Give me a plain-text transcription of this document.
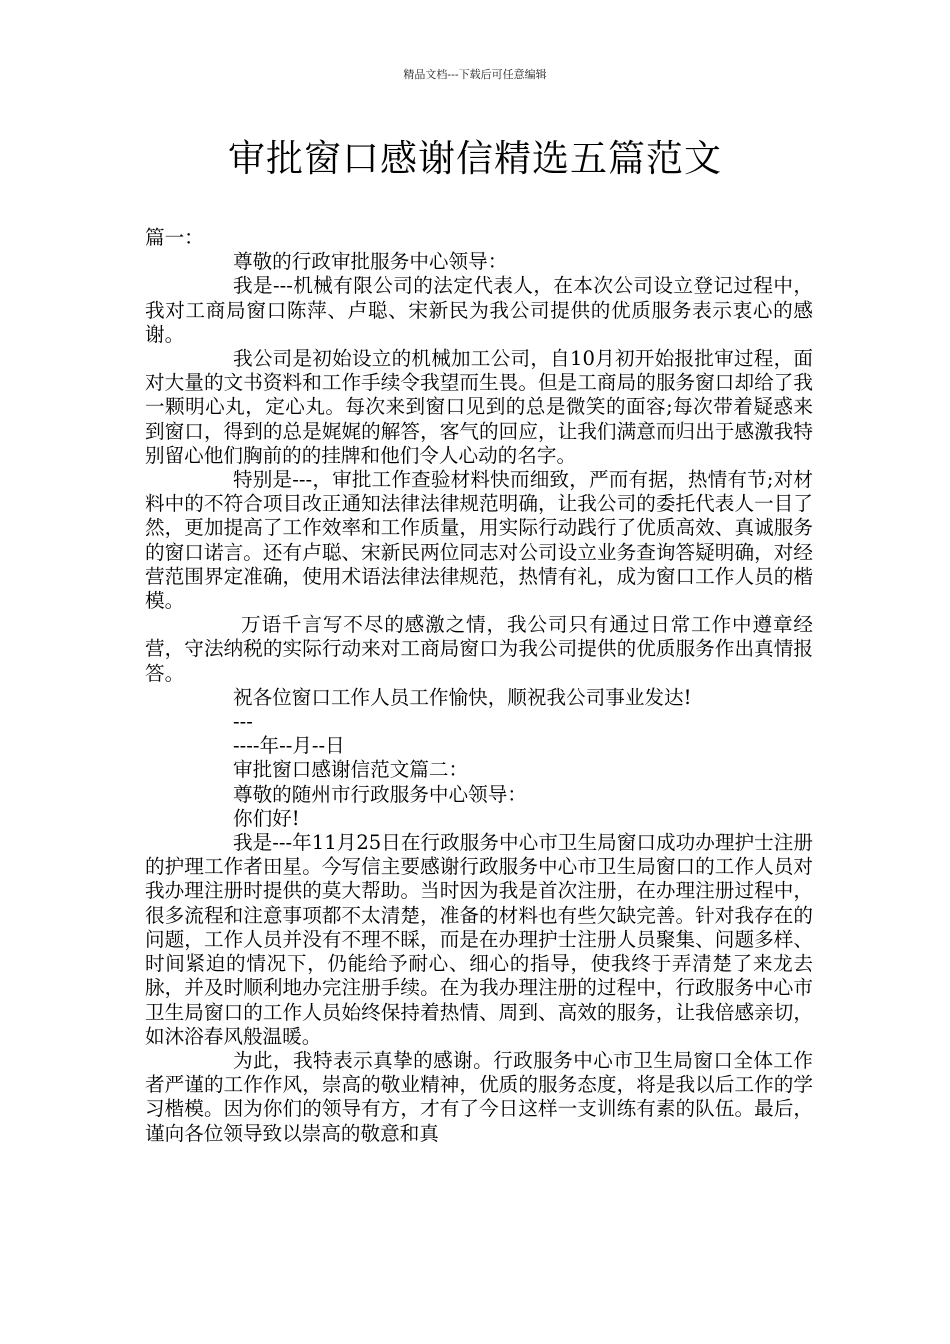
精品文档---下载后可任意编辑
审批窗口感谢信精选五篇范文

篇一：

尊敬的行政审批服务中心领导：

我是---机械有限公司的法定代表人，在本次公司设立登记过程中，我对工商局窗口陈萍、卢聪、宋新民为我公司提供的优质服务表示衷心的感谢。

我公司是初始设立的机械加工公司，自10月初开始报批审过程，面对大量的文书资料和工作手续令我望而生畏。但是工商局的服务窗口却给了我一颗明心丸，定心丸。每次来到窗口见到的总是微笑的面容;每次带着疑惑来到窗口，得到的总是娓娓的解答，客气的回应，让我们满意而归出于感激我特别留心他们胸前的的挂牌和他们令人心动的名字。

特别是---，审批工作查验材料快而细致，严而有据，热情有节;对材料中的不符合项目改正通知法律法律规范明确，让我公司的委托代表人一目了然，更加提高了工作效率和工作质量，用实际行动践行了优质高效、真诚服务的窗口诺言。还有卢聪、宋新民两位同志对公司设立业务查询答疑明确，对经营范围界定准确，使用术语法律法律规范，热情有礼，成为窗口工作人员的楷模。

万语千言写不尽的感激之情，我公司只有通过日常工作中遵章经营，守法纳税的实际行动来对工商局窗口为我公司提供的优质服务作出真情报答。

祝各位窗口工作人员工作愉快，顺祝我公司事业发达!

---

----年--月--日

审批窗口感谢信范文篇二：

尊敬的随州市行政服务中心领导：

你们好!

我是---年11月25日在行政服务中心市卫生局窗口成功办理护士注册的护理工作者田星。今写信主要感谢行政服务中心市卫生局窗口的工作人员对我办理注册时提供的莫大帮助。当时因为我是首次注册，在办理注册过程中，很多流程和注意事项都不太清楚，准备的材料也有些欠缺完善。针对我存在的问题，工作人员并没有不理不睬，而是在办理护士注册人员聚集、问题多样、时间紧迫的情况下，仍能给予耐心、细心的指导，使我终于弄清楚了来龙去脉，并及时顺利地办完注册手续。在为我办理注册的过程中，行政服务中心市卫生局窗口的工作人员始终保持着热情、周到、高效的服务，让我倍感亲切，如沐浴春风般温暖。

为此，我特表示真挚的感谢。行政服务中心市卫生局窗口全体工作者严谨的工作作风，崇高的敬业精神，优质的服务态度，将是我以后工作的学习楷模。因为你们的领导有方，才有了今日这样一支训练有素的队伍。最后，谨向各位领导致以崇高的敬意和真
